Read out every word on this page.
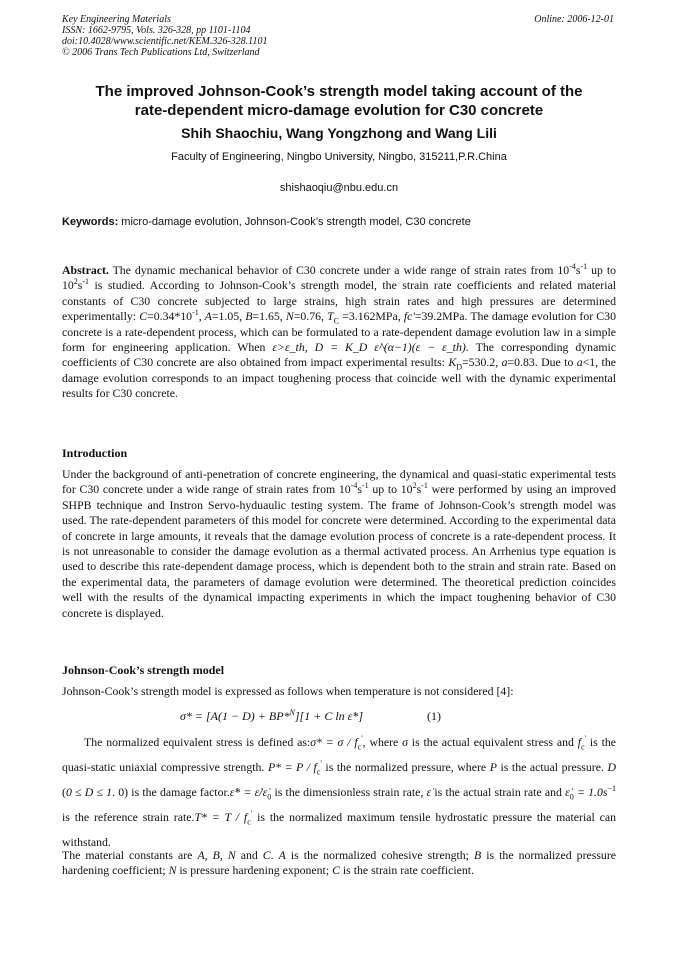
Key Engineering Materials
ISSN: 1662-9795, Vols. 326-328, pp 1101-1104
doi:10.4028/www.scientific.net/KEM.326-328.1101
© 2006 Trans Tech Publications Ltd, Switzerland
Online: 2006-12-01
The improved Johnson-Cook’s strength model taking account of the
rate-dependent micro-damage evolution for C30 concrete
Shih Shaochiu, Wang Yongzhong and Wang Lili
Faculty of Engineering, Ningbo University, Ningbo, 315211,P.R.China
shishaoqiu@nbu.edu.cn
Keywords: micro-damage evolution, Johnson-Cook’s strength model, C30 concrete
Abstract. The dynamic mechanical behavior of C30 concrete under a wide range of strain rates from $10^{-4}s^{-1}$ up to $10^2s^{-1}$ is studied. According to Johnson-Cook’s strength model, the strain rate coefficients and related material constants of C30 concrete subjected to large strains, high strain rates and high pressures are determined experimentally: $C=0.34*10^{-1}$, A=1.05, B=1.65, N=0.76, $T_C =3.162MPa$, fc'=39.2MPa. The damage evolution for C30 concrete is a rate-dependent process, which can be formulated to a rate-dependent damage evolution law in a simple form for engineering application. When ε>ε_th, D = K_D ε̇^(α−1)(ε − ε_th). The corresponding dynamic coefficients of C30 concrete are also obtained from impact experimental results: $K_D=530.2$, a=0.83. Due to a<1, the damage evolution corresponds to an impact toughening process that coincide well with the dynamic experimental results for C30 concrete.
Introduction
Under the background of anti-penetration of concrete engineering, the dynamical and quasi-static experimental tests for C30 concrete under a wide range of strain rates from $10^{-4}s^{-1}$ up to $10^2s^{-1}$ were performed by using an improved SHPB technique and Instron Servo-hyduaulic testing system. The frame of Johnson-Cook’s strength model was used. The rate-dependent parameters of this model for concrete were determined. According to the experimental data of concrete in large amounts, it reveals that the damage evolution process of concrete is a rate-dependent process. It is not unreasonable to consider the damage evolution as a thermal activated process. An Arrhenius type equation is used to describe this rate-dependent damage process, which is dependent both to the strain and strain rate. Based on the experimental data, the parameters of damage evolution were determined. The theoretical prediction coincides well with the results of the dynamical impacting experiments in which the impact toughening behavior of C30 concrete is displayed.
Johnson-Cook’s strength model
Johnson-Cook’s strength model is expressed as follows when temperature is not considered [4]:
σ* = [A(1 − D) + BP*$^N$][1 + C ln ε̇*]	(1)
The normalized equivalent stress is defined as:σ* = σ / $f_c'$, where σ is the actual equivalent stress and $f_c'$ is the quasi-static uniaxial compressive strength. $P* = P / f_c'$ is the normalized pressure, where P is the actual pressure. D (0 ≤ D ≤ 1. 0) is the damage factor.ε̇* = $\varepsiloṅ/\varepsiloṅ_0$ is the dimensionless strain rate, ε̇ is the actual strain rate and $\varepsiloṅ_0 = 1.0s^{-1}$ is the reference strain rate.T* = T / $f_c'$ is the normalized maximum tensile hydrostatic pressure the material can withstand.
The material constants are A, B, N and C. A is the normalized cohesive strength; B is the normalized pressure hardening coefficient; N is pressure hardening exponent; C is the strain rate coefficient.
